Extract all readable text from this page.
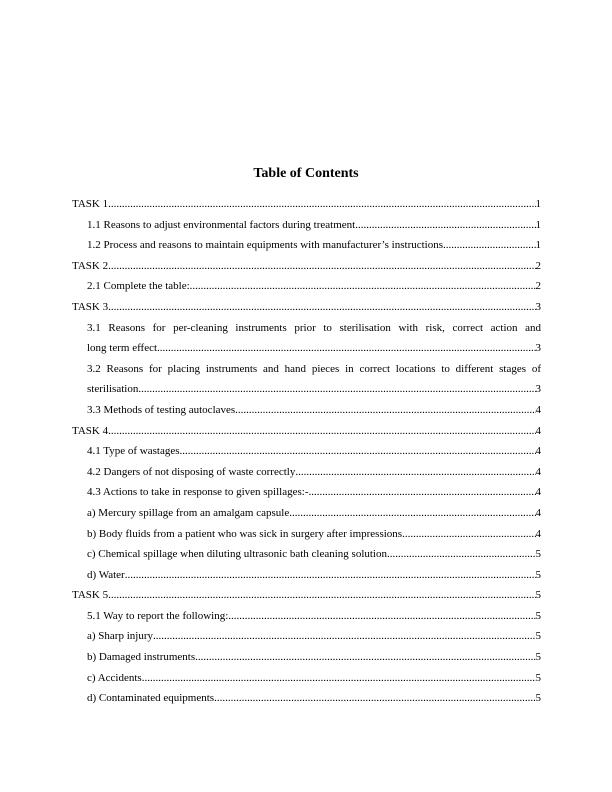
Table of Contents
TASK 1 .....	1
1.1 Reasons to adjust environmental factors during treatment .....	1
1.2 Process and reasons to maintain equipments with manufacturer’s instructions .....	1
TASK 2 .....	2
2.1 Complete the table: .....	2
TASK 3 .....	3
3.1 Reasons for per-cleaning instruments prior to sterilisation with risk, correct action and
long term effect .....	3
3.2 Reasons for placing instruments and hand pieces in correct locations to different stages of
sterilisation .....	3
3.3 Methods of testing autoclaves .....	4
TASK 4 .....	4
4.1 Type of wastages .....	4
4.2 Dangers of not disposing of waste correctly .....	4
4.3 Actions to take in response to given spillages:- .....	4
a) Mercury spillage from an amalgam capsule .....	4
b) Body fluids from a patient who was sick in surgery after impressions .....	4
c) Chemical spillage when diluting ultrasonic bath cleaning solution .....	5
d) Water .....	5
TASK 5 .....	5
5.1 Way to report the following: .....	5
a) Sharp injury .....	5
b) Damaged instruments .....	5
c) Accidents .....	5
d) Contaminated equipments .....	5
